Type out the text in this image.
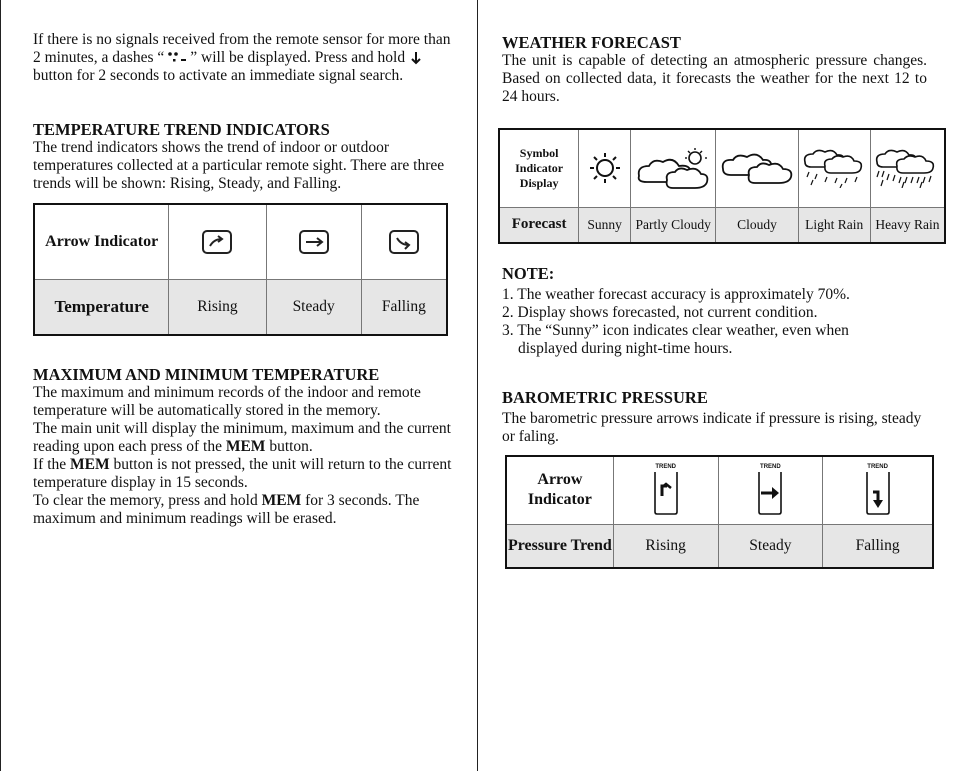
If there is no signals received from the remote sensor for more than 2 minutes, a dashes “ ” will be displayed. Press and hold
button for 2 seconds to activate an immediate signal search.

TEMPERATURE TREND INDICATORS

The trend indicators shows the trend of indoor or outdoor temperatures collected at a particular remote sight. There are three trends will be shown: Rising, Steady, and Falling.

Arrow Indicator	

Temperature	Rising	Steady	Falling

MAXIMUM AND MINIMUM TEMPERATURE

The maximum and minimum records of the indoor and remote temperature will be automatically stored in the memory.

The main unit will display the minimum, maximum and the current reading upon each press of the MEM button.

If the MEM button is not pressed, the unit will return to the current temperature display in 15 seconds.

To clear the memory, press and hold MEM for 3 seconds. The maximum and minimum readings will be erased.

WEATHER FORECAST

The unit is capable of detecting an atmospheric pressure changes. Based on collected data, it forecasts the weather for the next 12 to 24 hours.

Symbol Indicator Display	

Forecast	Sunny	Partly Cloudy	Cloudy	Light Rain	Heavy Rain

NOTE:

1. The weather forecast accuracy is approximately 70%.

2. Display shows forecasted, not current condition.

3. The “Sunny” icon indicates clear weather, even when

displayed during night-time hours.

BAROMETRIC PRESSURE

The barometric pressure arrows indicate if pressure is rising, steady or faling.

Arrow Indicator	TREND	TREND	TREND

Pressure Trend	Rising	Steady	Falling
